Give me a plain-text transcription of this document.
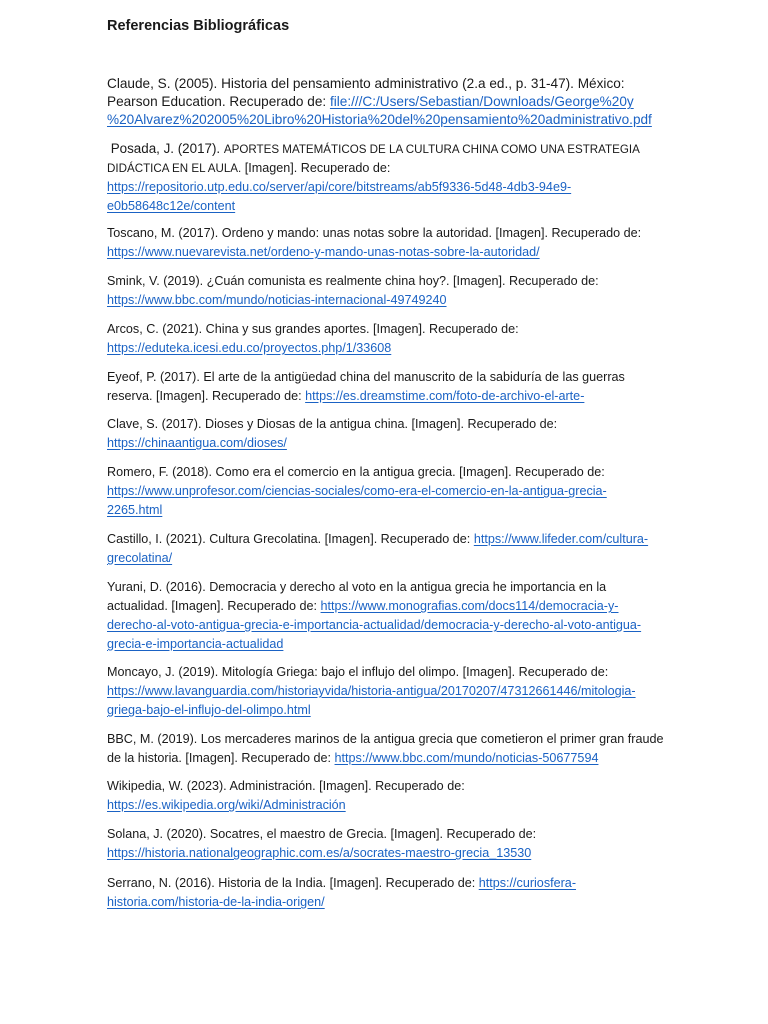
Referencias Bibliográficas
Claude, S. (2005). Historia del pensamiento administrativo (2.a ed., p. 31-47). México: Pearson Education. Recuperado de: file:///C:/Users/Sebastian/Downloads/George%20y
%20Alvarez%202005%20Libro%20Historia%20del%20pensamiento%20administrativo.pdf
Posada, J. (2017). APORTES MATEMÁTICOS DE LA CULTURA CHINA COMO UNA ESTRATEGIA DIDÁCTICA EN EL AULA. [Imagen]. Recuperado de:
https://repositorio.utp.edu.co/server/api/core/bitstreams/ab5f9336-5d48-4db3-94e9-
e0b58648c12e/content
Toscano, M. (2017). Ordeno y mando: unas notas sobre la autoridad. [Imagen]. Recuperado de:
https://www.nuevarevista.net/ordeno-y-mando-unas-notas-sobre-la-autoridad/
Smink, V. (2019). ¿Cuán comunista es realmente china hoy?. [Imagen]. Recuperado de:
https://www.bbc.com/mundo/noticias-internacional-49749240
Arcos, C. (2021). China y sus grandes aportes. [Imagen]. Recuperado de:
https://eduteka.icesi.edu.co/proyectos.php/1/33608
Eyeof, P. (2017). El arte de la antigüedad china del manuscrito de la sabiduría de las guerras reserva. [Imagen]. Recuperado de: https://es.dreamstime.com/foto-de-archivo-el-arte-
Clave, S. (2017). Dioses y Diosas de la antigua china. [Imagen]. Recuperado de:
https://chinaantigua.com/dioses/
Romero, F. (2018). Como era el comercio en la antigua grecia. [Imagen]. Recuperado de:
https://www.unprofesor.com/ciencias-sociales/como-era-el-comercio-en-la-antigua-grecia-
2265.html
Castillo, I. (2021). Cultura Grecolatina. [Imagen]. Recuperado de: https://www.lifeder.com/cultura-
grecolatina/
Yurani, D. (2016). Democracia y derecho al voto en la antigua grecia he importancia en la actualidad. [Imagen]. Recuperado de: https://www.monografias.com/docs114/democracia-y-
derecho-al-voto-antigua-grecia-e-importancia-actualidad/democracia-y-derecho-al-voto-antigua-
grecia-e-importancia-actualidad
Moncayo, J. (2019). Mitología Griega: bajo el influjo del olimpo. [Imagen]. Recuperado de:
https://www.lavanguardia.com/historiayvida/historia-antigua/20170207/47312661446/mitologia-
griega-bajo-el-influjo-del-olimpo.html
BBC, M. (2019). Los mercaderes marinos de la antigua grecia que cometieron el primer gran fraude de la historia. [Imagen]. Recuperado de: https://www.bbc.com/mundo/noticias-50677594
Wikipedia, W. (2023). Administración. [Imagen]. Recuperado de:
https://es.wikipedia.org/wiki/Administración
Solana, J. (2020). Socatres, el maestro de Grecia. [Imagen]. Recuperado de:
https://historia.nationalgeographic.com.es/a/socrates-maestro-grecia_13530
Serrano, N. (2016). Historia de la India. [Imagen]. Recuperado de: https://curiosfera-
historia.com/historia-de-la-india-origen/
